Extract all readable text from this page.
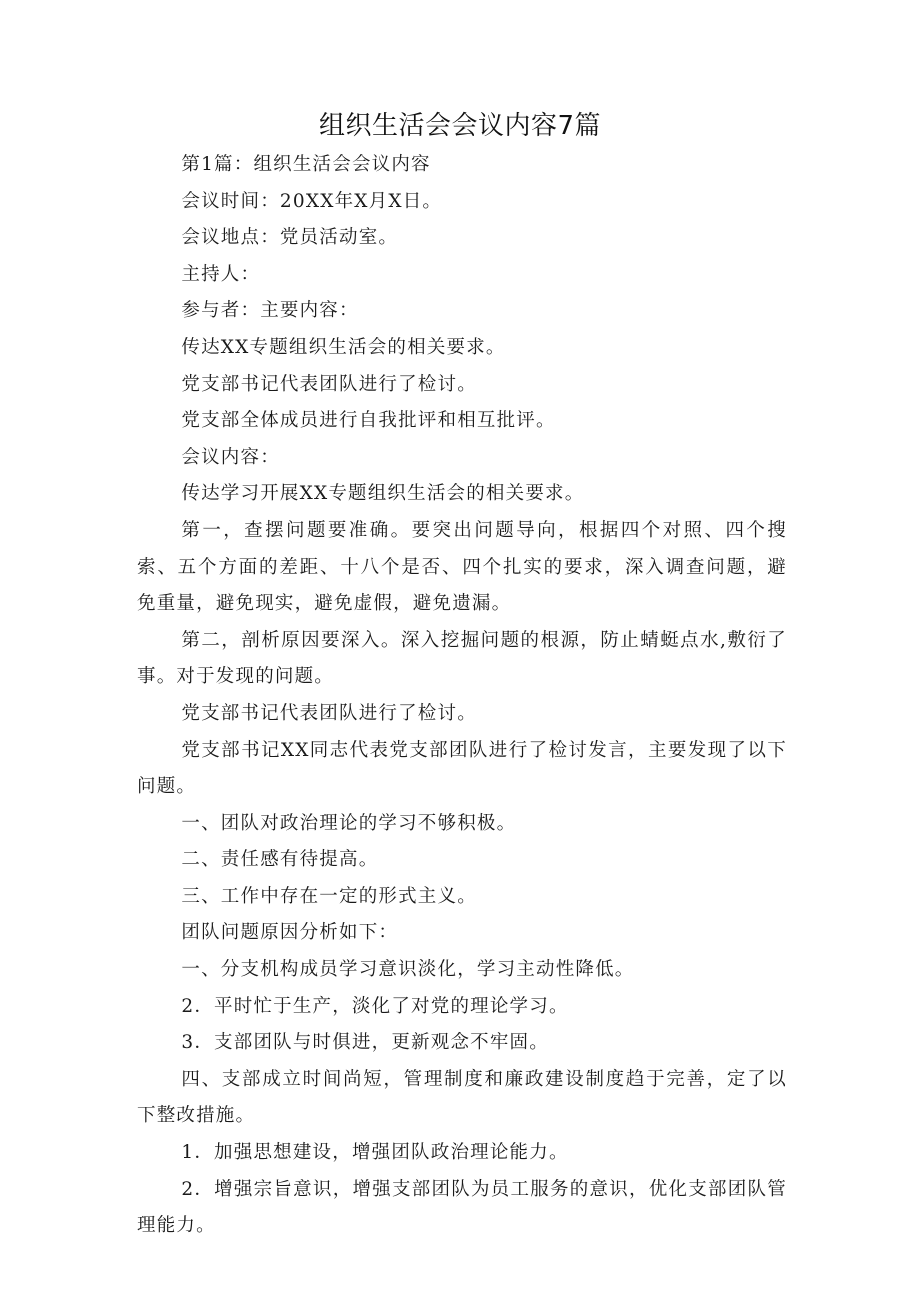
组织生活会会议内容7篇

第1篇：组织生活会会议内容

会议时间：20XX年X月X日。

会议地点：党员活动室。

主持人：

参与者：主要内容：

传达XX专题组织生活会的相关要求。

党支部书记代表团队进行了检讨。

党支部全体成员进行自我批评和相互批评。

会议内容：

传达学习开展XX专题组织生活会的相关要求。

第一，查摆问题要准确。要突出问题导向，根据四个对照、四个搜索、五个方面的差距、十八个是否、四个扎实的要求，深入调查问题，避免重量，避免现实，避免虚假，避免遗漏。

第二，剖析原因要深入。深入挖掘问题的根源，防止蜻蜓点水,敷衍了事。对于发现的问题。

党支部书记代表团队进行了检讨。

党支部书记XX同志代表党支部团队进行了检讨发言，主要发现了以下问题。

一、团队对政治理论的学习不够积极。

二、责任感有待提高。

三、工作中存在一定的形式主义。

团队问题原因分析如下：

一、分支机构成员学习意识淡化，学习主动性降低。

2．平时忙于生产，淡化了对党的理论学习。

3．支部团队与时俱进，更新观念不牢固。

四、支部成立时间尚短，管理制度和廉政建设制度趋于完善，定了以下整改措施。

1．加强思想建设，增强团队政治理论能力。

2．增强宗旨意识，增强支部团队为员工服务的意识，优化支部团队管理能力。
